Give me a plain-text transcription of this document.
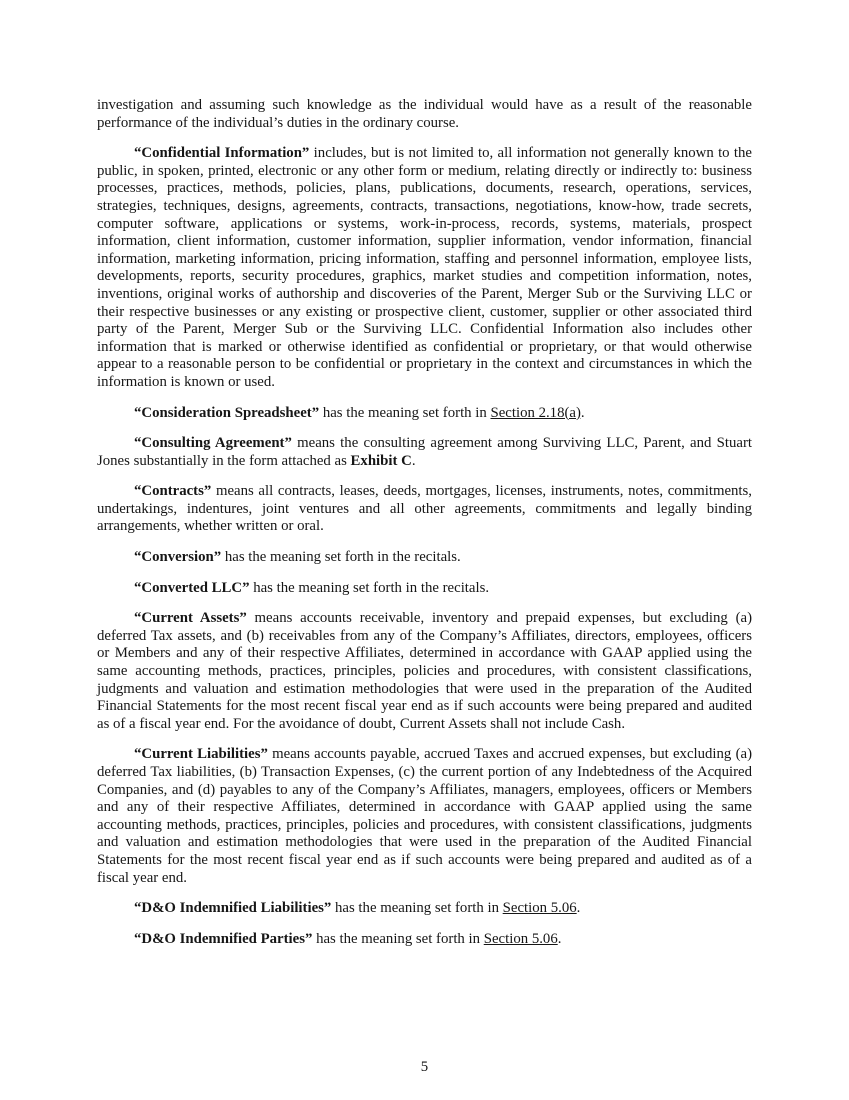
investigation and assuming such knowledge as the individual would have as a result of the reasonable performance of the individual’s duties in the ordinary course.

“Confidential Information” includes, but is not limited to, all information not generally known to the public, in spoken, printed, electronic or any other form or medium, relating directly or indirectly to: business processes, practices, methods, policies, plans, publications, documents, research, operations, services, strategies, techniques, designs, agreements, contracts, transactions, negotiations, know-how, trade secrets, computer software, applications or systems, work-in-process, records, systems, materials, prospect information, client information, customer information, supplier information, vendor information, financial information, marketing information, pricing information, staffing and personnel information, employee lists, developments, reports, security procedures, graphics, market studies and competition information, notes, inventions, original works of authorship and discoveries of the Parent, Merger Sub or the Surviving LLC or their respective businesses or any existing or prospective client, customer, supplier or other associated third party of the Parent, Merger Sub or the Surviving LLC. Confidential Information also includes other information that is marked or otherwise identified as confidential or proprietary, or that would otherwise appear to a reasonable person to be confidential or proprietary in the context and circumstances in which the information is known or used.

“Consideration Spreadsheet” has the meaning set forth in Section 2.18(a).

“Consulting Agreement” means the consulting agreement among Surviving LLC, Parent, and Stuart Jones substantially in the form attached as Exhibit C.

“Contracts” means all contracts, leases, deeds, mortgages, licenses, instruments, notes, commitments, undertakings, indentures, joint ventures and all other agreements, commitments and legally binding arrangements, whether written or oral.

“Conversion” has the meaning set forth in the recitals.

“Converted LLC” has the meaning set forth in the recitals.

“Current Assets” means accounts receivable, inventory and prepaid expenses, but excluding (a) deferred Tax assets, and (b) receivables from any of the Company’s Affiliates, directors, employees, officers or Members and any of their respective Affiliates, determined in accordance with GAAP applied using the same accounting methods, practices, principles, policies and procedures, with consistent classifications, judgments and valuation and estimation methodologies that were used in the preparation of the Audited Financial Statements for the most recent fiscal year end as if such accounts were being prepared and audited as of a fiscal year end. For the avoidance of doubt, Current Assets shall not include Cash.

“Current Liabilities” means accounts payable, accrued Taxes and accrued expenses, but excluding (a) deferred Tax liabilities, (b) Transaction Expenses, (c) the current portion of any Indebtedness of the Acquired Companies, and (d) payables to any of the Company’s Affiliates, managers, employees, officers or Members and any of their respective Affiliates, determined in accordance with GAAP applied using the same accounting methods, practices, principles, policies and procedures, with consistent classifications, judgments and valuation and estimation methodologies that were used in the preparation of the Audited Financial Statements for the most recent fiscal year end as if such accounts were being prepared and audited as of a fiscal year end.

“D&O Indemnified Liabilities” has the meaning set forth in Section 5.06.

“D&O Indemnified Parties” has the meaning set forth in Section 5.06.

5
